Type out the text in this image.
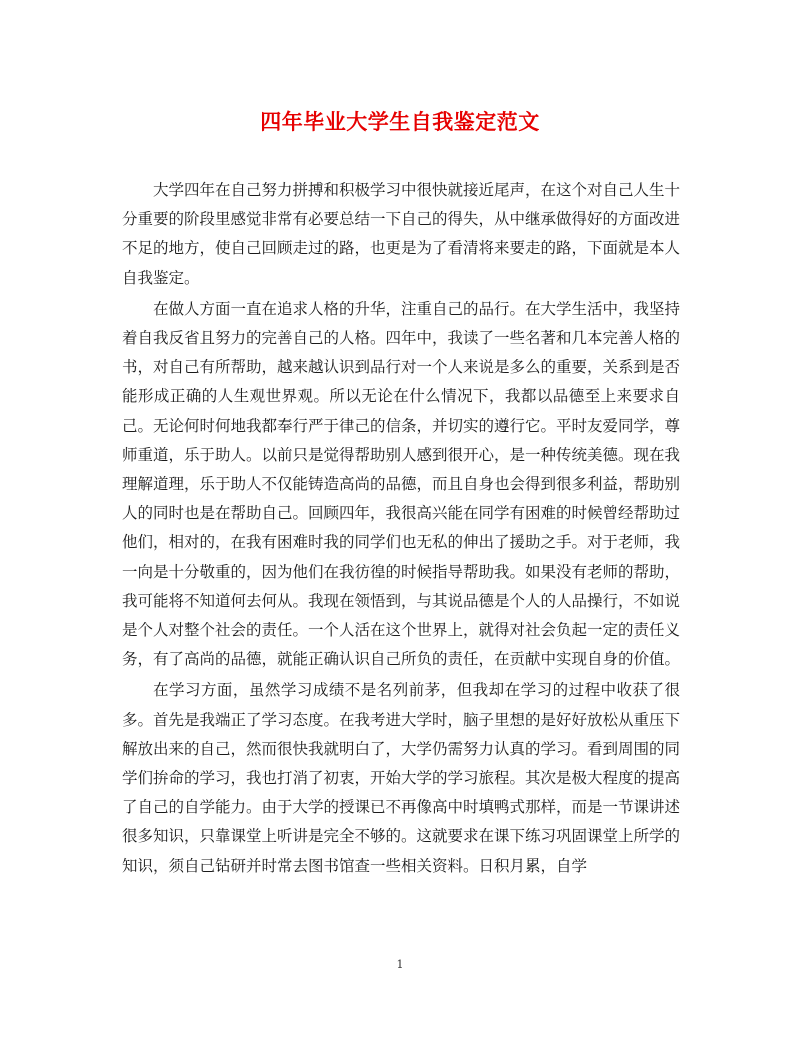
四年毕业大学生自我鉴定范文

大学四年在自己努力拼搏和积极学习中很快就接近尾声，在这个对自己人生十分重要的阶段里感觉非常有必要总结一下自己的得失，从中继承做得好的方面改进不足的地方，使自己回顾走过的路，也更是为了看清将来要走的路，下面就是本人自我鉴定。

在做人方面一直在追求人格的升华，注重自己的品行。在大学生活中，我坚持着自我反省且努力的完善自己的人格。四年中，我读了一些名著和几本完善人格的书，对自己有所帮助，越来越认识到品行对一个人来说是多么的重要，关系到是否能形成正确的人生观世界观。所以无论在什么情况下，我都以品德至上来要求自己。无论何时何地我都奉行严于律己的信条，并切实的遵行它。平时友爱同学，尊师重道，乐于助人。以前只是觉得帮助别人感到很开心，是一种传统美德。现在我理解道理，乐于助人不仅能铸造高尚的品德，而且自身也会得到很多利益，帮助别人的同时也是在帮助自己。回顾四年，我很高兴能在同学有困难的时候曾经帮助过他们，相对的，在我有困难时我的同学们也无私的伸出了援助之手。对于老师，我一向是十分敬重的，因为他们在我彷徨的时候指导帮助我。如果没有老师的帮助，我可能将不知道何去何从。我现在领悟到，与其说品德是个人的人品操行，不如说是个人对整个社会的责任。一个人活在这个世界上，就得对社会负起一定的责任义务，有了高尚的品德，就能正确认识自己所负的责任，在贡献中实现自身的价值。

在学习方面，虽然学习成绩不是名列前茅，但我却在学习的过程中收获了很多。首先是我端正了学习态度。在我考进大学时，脑子里想的是好好放松从重压下解放出来的自己，然而很快我就明白了，大学仍需努力认真的学习。看到周围的同学们拚命的学习，我也打消了初衷，开始大学的学习旅程。其次是极大程度的提高了自己的自学能力。由于大学的授课已不再像高中时填鸭式那样，而是一节课讲述很多知识，只靠课堂上听讲是完全不够的。这就要求在课下练习巩固课堂上所学的知识，须自己钻研并时常去图书馆查一些相关资料。日积月累，自学

1
